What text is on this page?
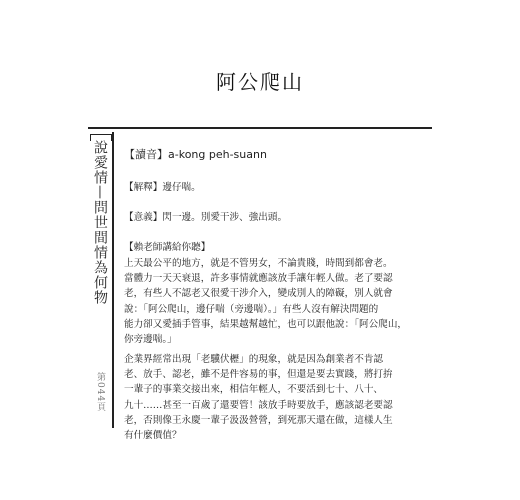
阿公爬山
說愛情—問世間情為何物
第044頁
【讀音】a-kong peh-suann
【解釋】邊仔喘。
【意義】閃一邊。別愛干涉、強出頭。
【賴老師講給你聽】
上天最公平的地方，就是不管男女，不論貴賤，時間到都會老。
當體力一天天衰退，許多事情就應該放手讓年輕人做。老了要認
老，有些人不認老又很愛干涉介入，變成別人的障礙，別人就會
說：「阿公爬山，邊仔喘（旁邊喘）。」有些人沒有解決問題的
能力卻又愛插手管事，結果越幫越忙，也可以跟他說：「阿公爬山，
你旁邊喘。」
企業界經常出現「老驥伏櫪」的現象，就是因為創業者不肯認
老、放手、認老，雖不是件容易的事，但還是要去實踐，將打拚
一輩子的事業交接出來，相信年輕人，不要活到七十、八十、
九十……甚至一百歲了還要管！該放手時要放手，應該認老要認
老，否則像王永慶一輩子汲汲營營，到死那天還在做，這樣人生
有什麼價值？
